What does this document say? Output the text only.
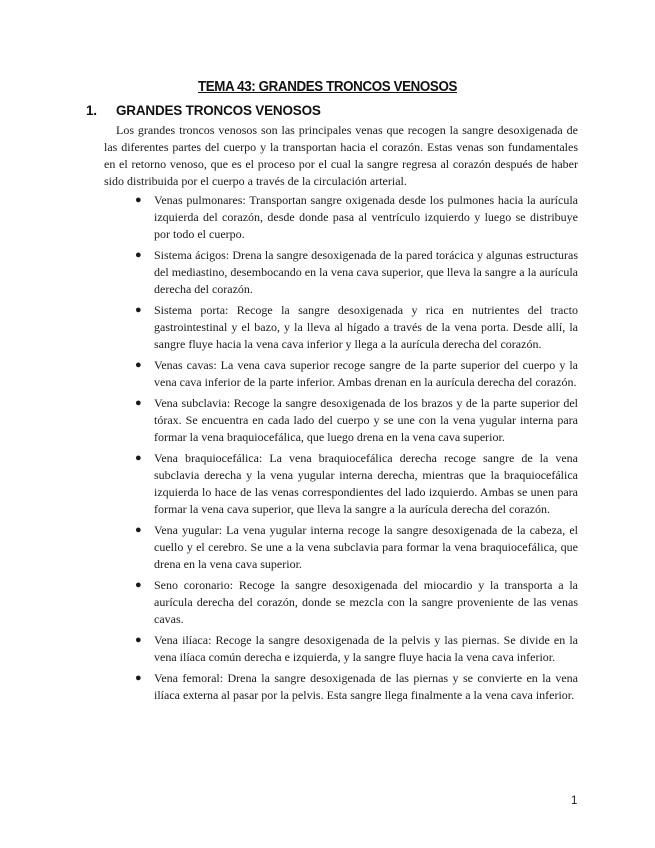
TEMA 43: GRANDES TRONCOS VENOSOS
1. GRANDES TRONCOS VENOSOS

Los grandes troncos venosos son las principales venas que recogen la sangre desoxigenada de las diferentes partes del cuerpo y la transportan hacia el corazón. Estas venas son fundamentales en el retorno venoso, que es el proceso por el cual la sangre regresa al corazón después de haber sido distribuida por el cuerpo a través de la circulación arterial.

● Venas pulmonares: Transportan sangre oxigenada desde los pulmones hacia la aurícula izquierda del corazón, desde donde pasa al ventrículo izquierdo y luego se distribuye por todo el cuerpo.
● Sistema ácigos: Drena la sangre desoxigenada de la pared torácica y algunas estructuras del mediastino, desembocando en la vena cava superior, que lleva la sangre a la aurícula derecha del corazón.
● Sistema porta: Recoge la sangre desoxigenada y rica en nutrientes del tracto gastrointestinal y el bazo, y la lleva al hígado a través de la vena porta. Desde allí, la sangre fluye hacia la vena cava inferior y llega a la aurícula derecha del corazón.
● Venas cavas: La vena cava superior recoge sangre de la parte superior del cuerpo y la vena cava inferior de la parte inferior. Ambas drenan en la aurícula derecha del corazón.
● Vena subclavia: Recoge la sangre desoxigenada de los brazos y de la parte superior del tórax. Se encuentra en cada lado del cuerpo y se une con la vena yugular interna para formar la vena braquiocefálica, que luego drena en la vena cava superior.
● Vena braquiocefálica: La vena braquiocefálica derecha recoge sangre de la vena subclavia derecha y la vena yugular interna derecha, mientras que la braquiocefálica izquierda lo hace de las venas correspondientes del lado izquierdo. Ambas se unen para formar la vena cava superior, que lleva la sangre a la aurícula derecha del corazón.
● Vena yugular: La vena yugular interna recoge la sangre desoxigenada de la cabeza, el cuello y el cerebro. Se une a la vena subclavia para formar la vena braquiocefálica, que drena en la vena cava superior.
● Seno coronario: Recoge la sangre desoxigenada del miocardio y la transporta a la aurícula derecha del corazón, donde se mezcla con la sangre proveniente de las venas cavas.
● Vena ilíaca: Recoge la sangre desoxigenada de la pelvis y las piernas. Se divide en la vena ilíaca común derecha e izquierda, y la sangre fluye hacia la vena cava inferior.
● Vena femoral: Drena la sangre desoxigenada de las piernas y se convierte en la vena ilíaca externa al pasar por la pelvis. Esta sangre llega finalmente a la vena cava inferior.
1
